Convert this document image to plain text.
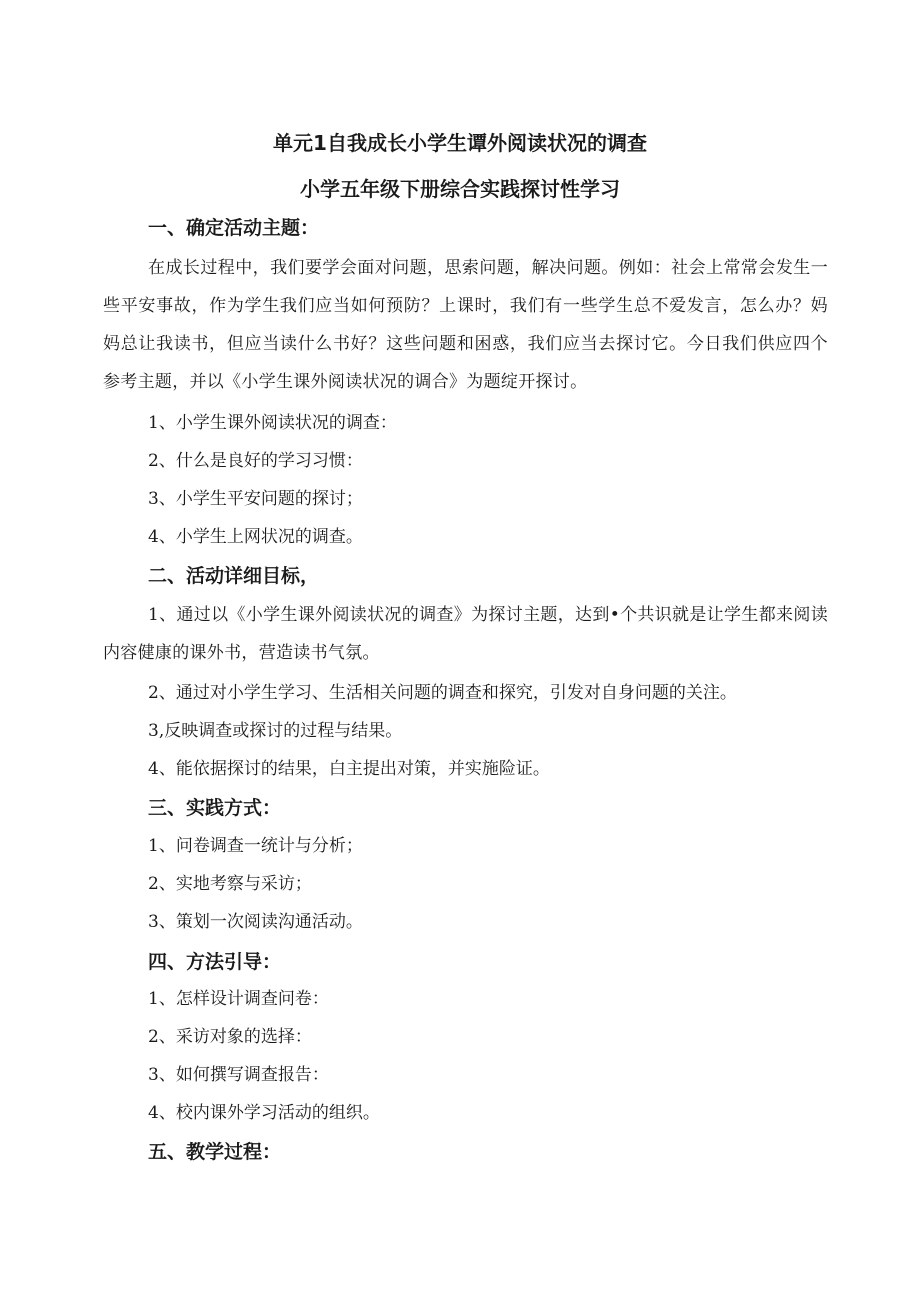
单元1自我成长小学生谭外阅读状况的调查
小学五年级下册综合实践探讨性学习
一、确定活动主题：
在成长过程中，我们要学会面对问题，思索问题，解决问题。例如：社会上常常会发生一些平安事故，作为学生我们应当如何预防？上课时，我们有一些学生总不爱发言，怎么办？妈妈总让我读书，但应当读什么书好？这些问题和困惑，我们应当去探讨它。今日我们供应四个参考主题，并以《小学生课外阅读状况的调合》为题绽开探讨。
1、小学生课外阅读状况的调查：
2、什么是良好的学习习惯：
3、小学生平安问题的探讨；
4、小学生上网状况的调查。
二、活动详细目标，
1、通过以《小学生课外阅读状况的调查》为探讨主题，达到•个共识就是让学生都来阅读内容健康的课外书，营造读书气氛。
2、通过对小学生学习、生活相关问题的调查和探究，引发对自身问题的关注。
3,反映调查或探讨的过程与结果。
4、能依据探讨的结果，白主提出对策，并实施险证。
三、实践方式：
1、问卷调查一统计与分析；
2、实地考察与采访；
3、策划一次阅读沟通活动。
四、方法引导：
1、怎样设计调查问卷：
2、采访对象的选择：
3、如何撰写调查报告：
4、校内课外学习活动的组织。
五、教学过程：
